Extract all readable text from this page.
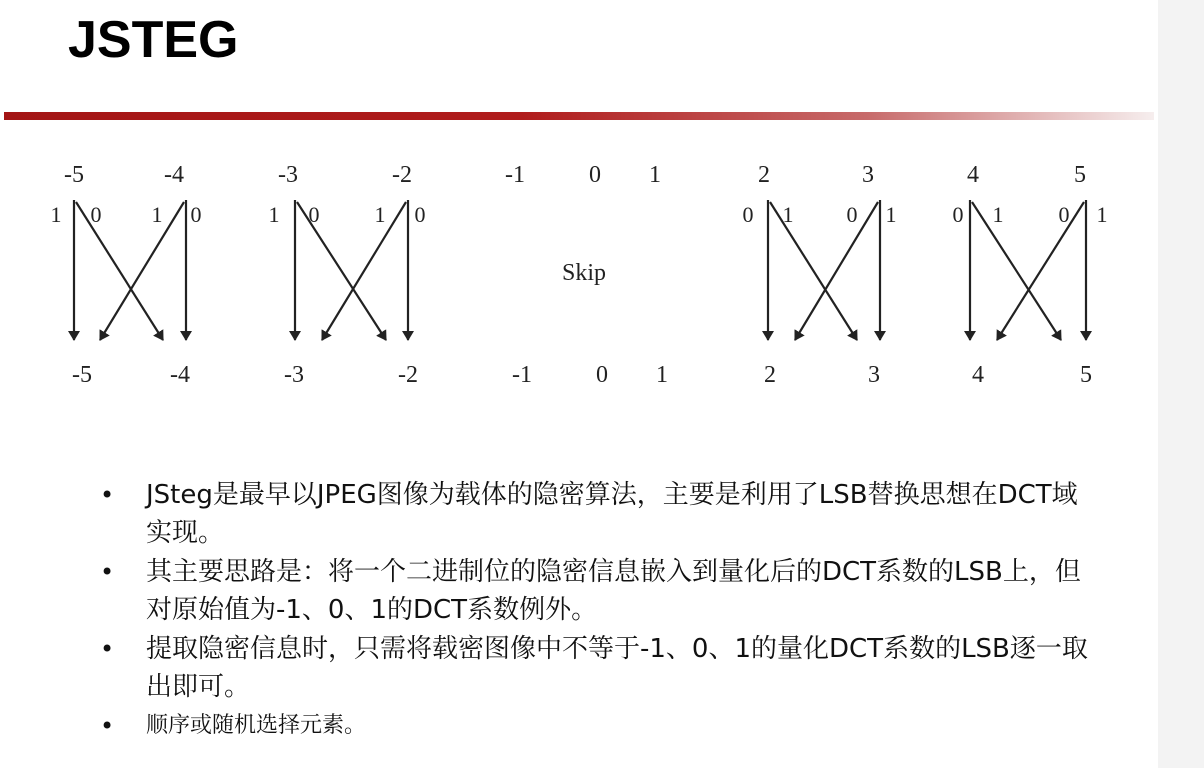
JSTEG
-5	-4
1 0 1 0
-5	-4
-3	-2
1 0	1 0
-3	-2
-1	0 1
Skip
-1	0 1
2	3
0 1 0 1
2	3
4	5
0 1	0 1
4	5
• JSteg是最早以JPEG图像为载体的隐密算法，主要是利用了LSB替换思想在DCT域实现。
• 其主要思路是：将一个二进制位的隐密信息嵌入到量化后的DCT系数的LSB上，但对原始值为-1、0、1的DCT系数例外。
• 提取隐密信息时，只需将载密图像中不等于-1、0、1的量化DCT系数的LSB逐一取出即可。
• 顺序或随机选择元素。
